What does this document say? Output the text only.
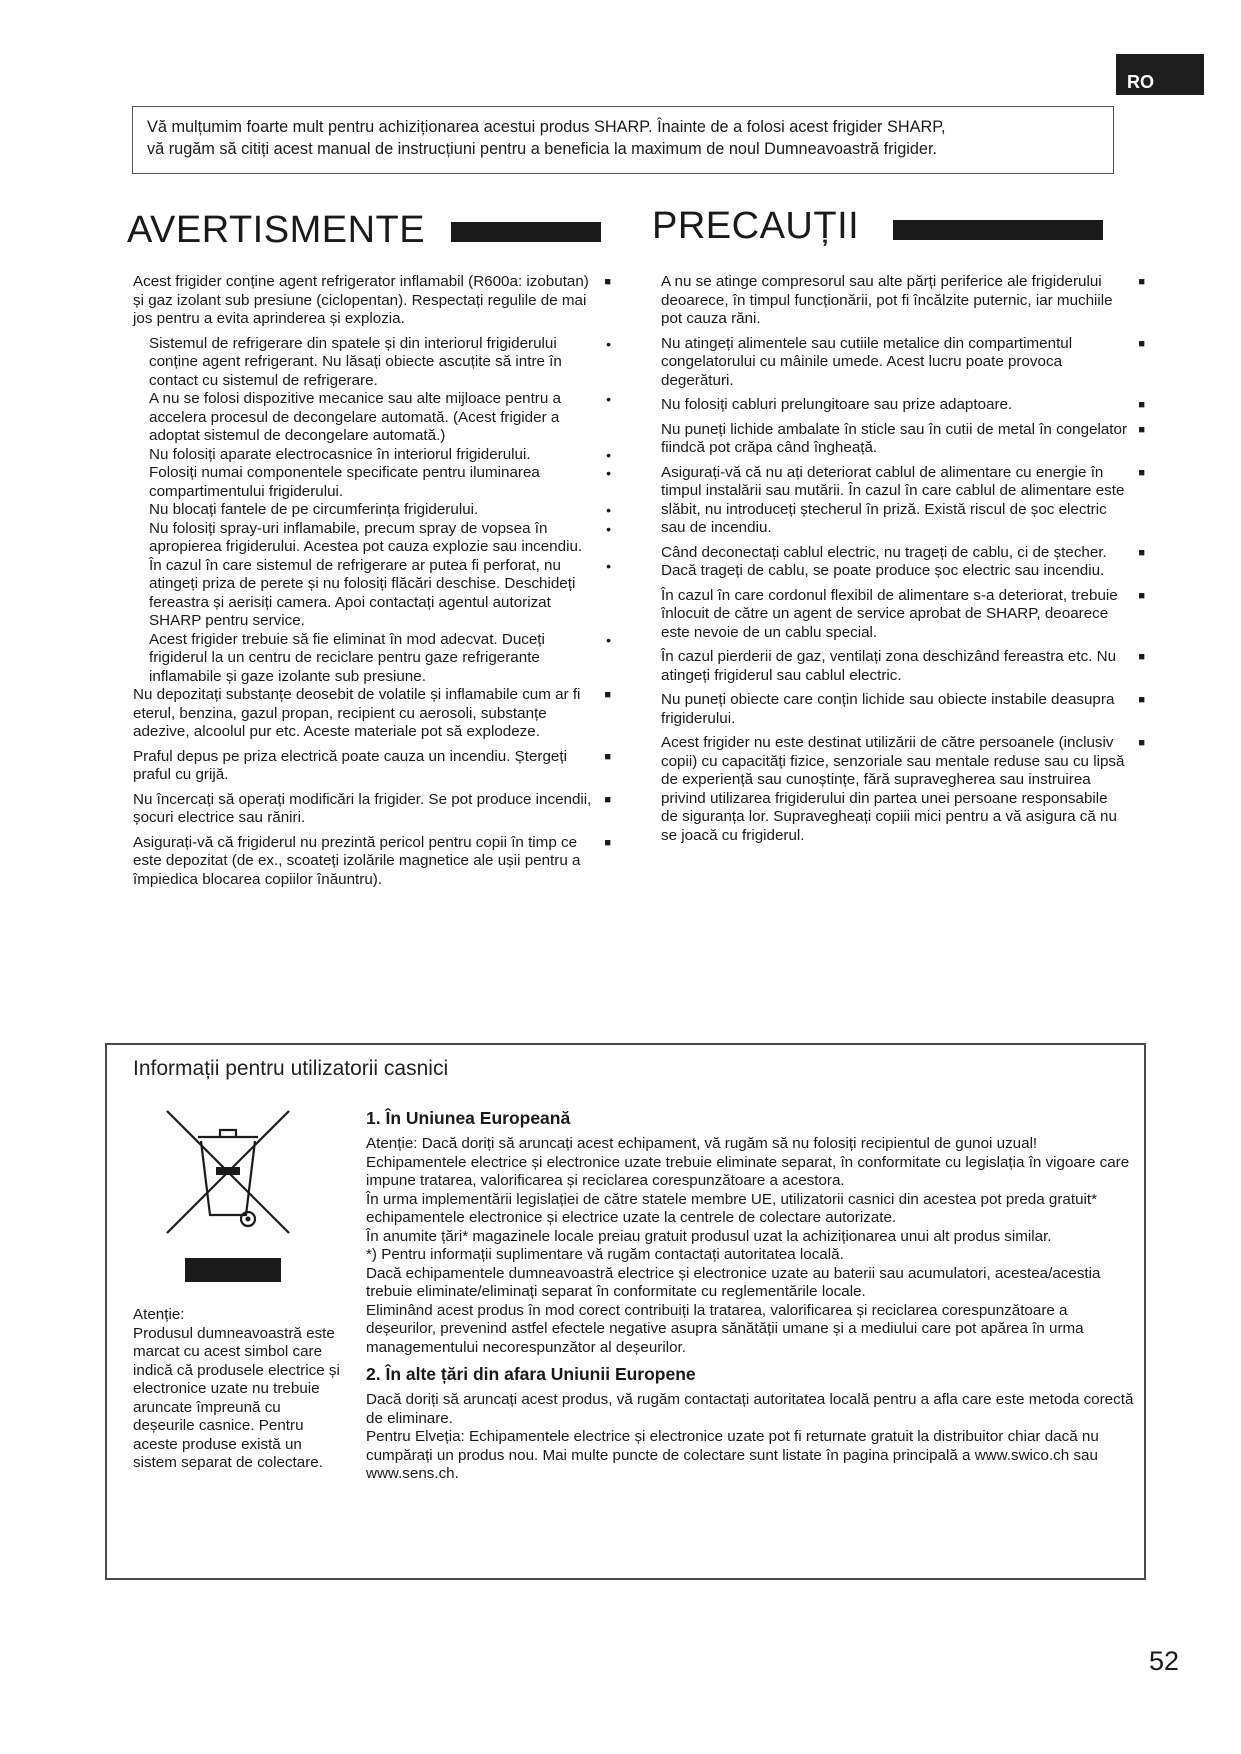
RO
Vă mulțumim foarte mult pentru achiziționarea acestui produs SHARP. Înainte de a folosi acest frigider SHARP,
vă rugăm să citiți acest manual de instrucțiuni pentru a beneficia la maximum de noul Dumneavoastră frigider.
AVERTISMENTE	PRECAUȚII
Acest frigider conține agent refrigerator inflamabil (R600a: izobutan) și gaz izolant sub presiune (ciclopentan). Respectați regulile de mai jos pentru a evita aprinderea și explozia.
■
Sistemul de refrigerare din spatele și din interiorul frigiderului conține agent refrigerant. Nu lăsați obiecte ascuțite să intre în contact cu sistemul de refrigerare.
•
A nu se folosi dispozitive mecanice sau alte mijloace pentru a accelera procesul de decongelare automată. (Acest frigider a adoptat sistemul de decongelare automată.)
•
Nu folosiți aparate electrocasnice în interiorul frigiderului.	•
Folosiți numai componentele specificate pentru iluminarea compartimentului frigiderului.
•
Nu blocați fantele de pe circumferința frigiderului.	•
Nu folosiți spray-uri inflamabile, precum spray de vopsea în apropierea frigiderului. Acestea pot cauza explozie sau incendiu.
•
În cazul în care sistemul de refrigerare ar putea fi perforat, nu atingeți priza de perete și nu folosiți flăcări deschise. Deschideți fereastra și aerisiți camera. Apoi contactați agentul autorizat SHARP pentru service.
•
Acest frigider trebuie să fie eliminat în mod adecvat. Duceți frigiderul la un centru de reciclare pentru gaze refrigerante inflamabile și gaze izolante sub presiune.
•
Nu depozitați substanțe deosebit de volatile și inflamabile cum ar fi eterul, benzina, gazul propan, recipient cu aerosoli, substanțe adezive, alcoolul pur etc. Aceste materiale pot să explodeze.
■
Praful depus pe priza electrică poate cauza un incendiu. Ștergeți praful cu grijă.
■
Nu încercați să operați modificări la frigider. Se pot produce incendii, șocuri electrice sau răniri.
■
Asigurați-vă că frigiderul nu prezintă pericol pentru copii în timp ce este depozitat (de ex., scoateți izolările magnetice ale ușii pentru a împiedica blocarea copiilor înăuntru).
■
A nu se atinge compresorul sau alte părți periferice ale frigiderului deoarece, în timpul funcționării, pot fi încălzite puternic, iar muchiile pot cauza răni.
■
Nu atingeți alimentele sau cutiile metalice din compartimentul congelatorului cu mâinile umede. Acest lucru poate provoca degerături.
■
Nu folosiți cabluri prelungitoare sau prize adaptoare.	■
Nu puneți lichide ambalate în sticle sau în cutii de metal în congelator fiindcă pot crăpa când îngheață.
■
Asigurați-vă că nu ați deteriorat cablul de alimentare cu energie în timpul instalării sau mutării. În cazul în care cablul de alimentare este slăbit, nu introduceți ștecherul în priză. Există riscul de șoc electric sau de incendiu.
■
Când deconectați cablul electric, nu trageți de cablu, ci de ștecher. Dacă trageți de cablu, se poate produce șoc electric sau incendiu.
■
În cazul în care cordonul flexibil de alimentare s-a deteriorat, trebuie înlocuit de către un agent de service aprobat de SHARP, deoarece este nevoie de un cablu special.
■
În cazul pierderii de gaz, ventilați zona deschizând fereastra etc. Nu atingeți frigiderul sau cablul electric.
■
Nu puneți obiecte care conțin lichide sau obiecte instabile deasupra frigiderului.
■
Acest frigider nu este destinat utilizării de către persoanele (inclusiv copii) cu capacități fizice, senzoriale sau mentale reduse sau cu lipsă de experiență sau cunoștințe, fără supravegherea sau instruirea privind utilizarea frigiderului din partea unei persoane responsabile de siguranța lor. Supravegheați copiii mici pentru a vă asigura că nu se joacă cu frigiderul.
■
Informații pentru utilizatorii casnici
Atenție:
Produsul dumneavoastră este marcat cu acest simbol care indică că produsele electrice și electronice uzate nu trebuie aruncate împreună cu deșeurile casnice. Pentru aceste produse există un sistem separat de colectare.
1. În Uniunea Europeană
Atenție: Dacă doriți să aruncați acest echipament, vă rugăm să nu folosiți recipientul de gunoi uzual!
Echipamentele electrice și electronice uzate trebuie eliminate separat, în conformitate cu legislația în vigoare care impune tratarea, valorificarea și reciclarea corespunzătoare a acestora.
În urma implementării legislației de către statele membre UE, utilizatorii casnici din acestea pot preda gratuit* echipamentele electronice și electrice uzate la centrele de colectare autorizate.
În anumite țări* magazinele locale preiau gratuit produsul uzat la achiziționarea unui alt produs similar.
*) Pentru informații suplimentare vă rugăm contactați autoritatea locală.
Dacă echipamentele dumneavoastră electrice și electronice uzate au baterii sau acumulatori, acestea/acestia trebuie eliminate/eliminați separat în conformitate cu reglementările locale.
Eliminând acest produs în mod corect contribuiți la tratarea, valorificarea și reciclarea corespunzătoare a deșeurilor, prevenind astfel efectele negative asupra sănătății umane și a mediului care pot apărea în urma managementului necorespunzător al deșeurilor.
2. În alte țări din afara Uniunii Europene
Dacă doriți să aruncați acest produs, vă rugăm contactați autoritatea locală pentru a afla care este metoda corectă de eliminare.
Pentru Elveția: Echipamentele electrice și electronice uzate pot fi returnate gratuit la distribuitor chiar dacă nu cumpărați un produs nou. Mai multe puncte de colectare sunt listate în pagina principală a www.swico.ch sau www.sens.ch.
52
